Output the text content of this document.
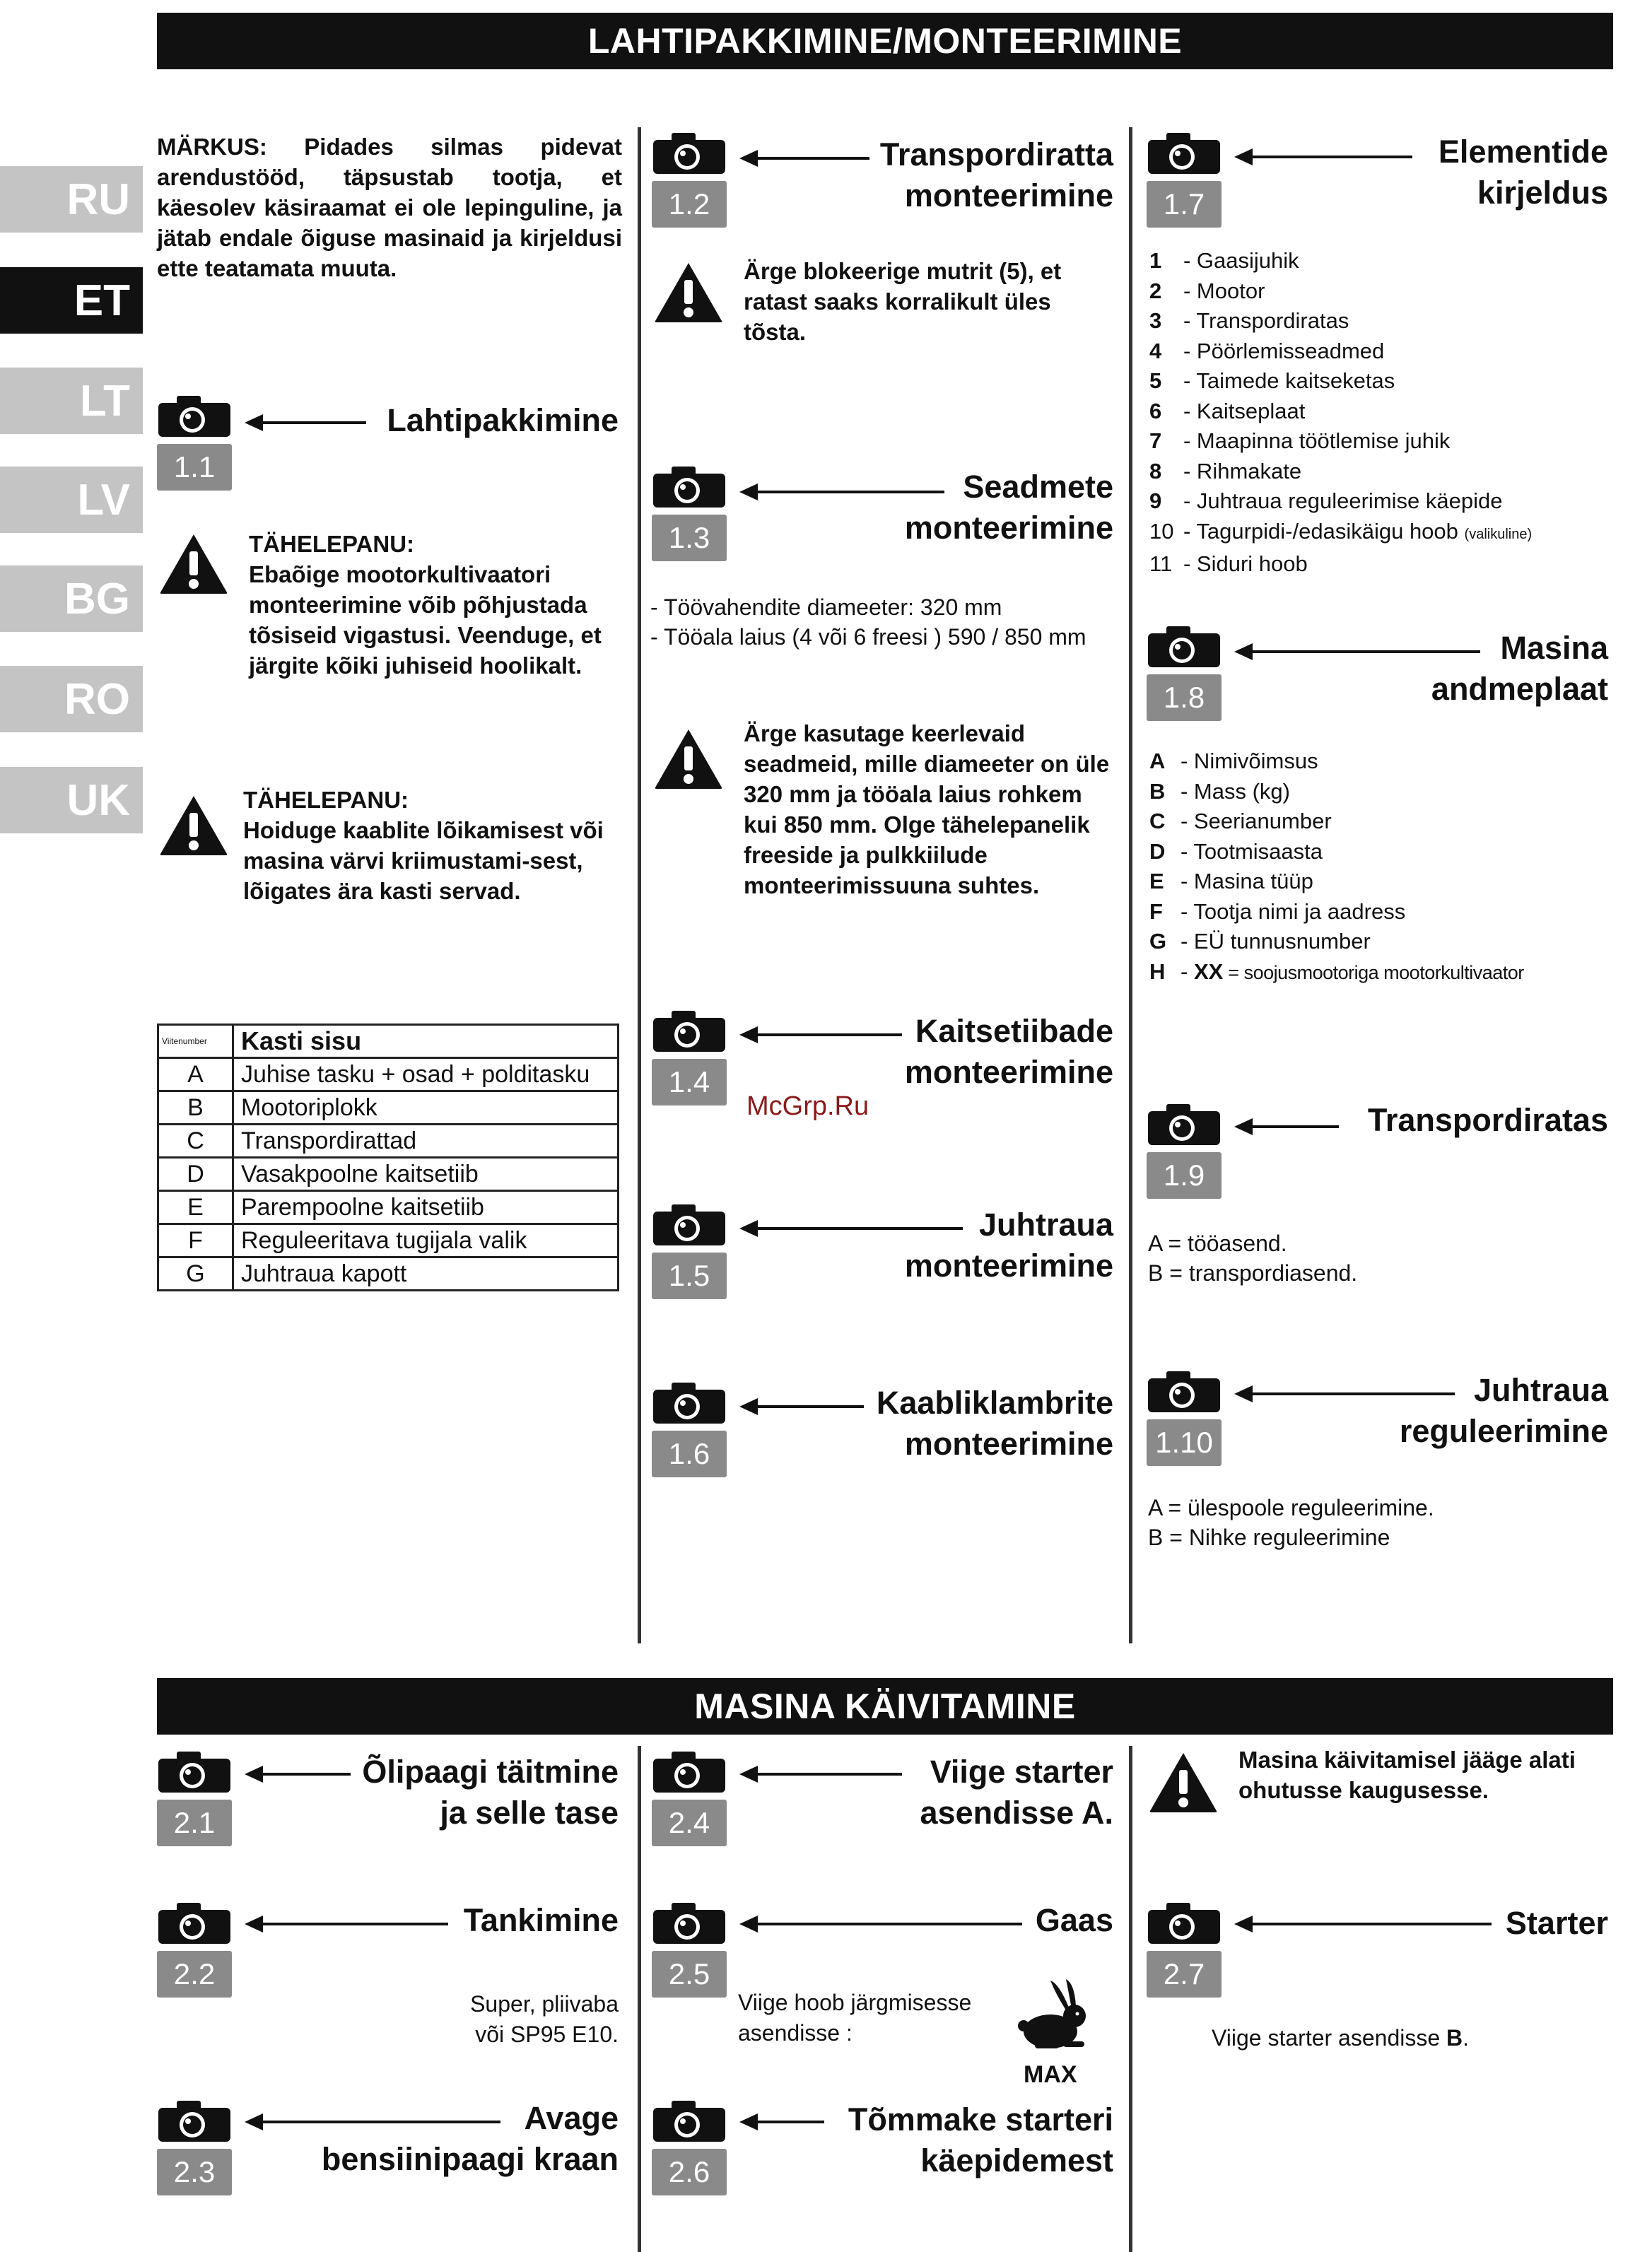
LAHTIPAKKIMINE/MONTEERIMINE
RU
ET
LT
LV
BG
RO
UK
MÄRKUS: Pidades silmas pidevat arendustööd, täpsustab tootja, et käesolev käsiraamat ei ole lepinguline, ja jätab endale õiguse masinaid ja kirjeldusi ette teatamata muuta.
1.1
Lahtipakkimine
TÄHELEPANU:
Ebaõige mootorkultivaatori monteerimine võib põhjustada tõsiseid vigastusi. Veenduge, et järgite kõiki juhiseid hoolikalt.
TÄHELEPANU:
Hoiduge kaablite lõikamisest või masina värvi kriimustami-sest, lõigates ära kasti servad.
Viitenumber	Kasti sisu
A	Juhise tasku + osad + polditasku
B	Mootoriplokk
C	Transpordirattad
D	Vasakpoolne kaitsetiib
E	Parempoolne kaitsetiib
F	Reguleeritava tugijala valik
G	Juhtraua kapott
1.2
Transpordiratta
monteerimine
Ärge blokeerige mutrit (5), et ratast saaks korralikult üles tõsta.
1.3
Seadmete
monteerimine
- Töövahendite diameeter: 320 mm
- Tööala laius (4 või 6 freesi ) 590 / 850 mm
Ärge kasutage keerlevaid seadmeid, mille diameeter on üle 320 mm ja tööala laius rohkem kui 850 mm. Olge tähelepanelik freeside ja pulkkiilude monteerimissuuna suhtes.
1.4
Kaitsetiibade
monteerimine
McGrp.Ru
1.5
Juhtraua
monteerimine
1.6
Kaabliklambrite
monteerimine
1.7
Elementide
kirjeldus
1 - Gaasijuhik
2 - Mootor
3 - Transpordiratas
4 - Pöörlemisseadmed
5 - Taimede kaitseketas
6 - Kaitseplaat
7 - Maapinna töötlemise juhik
8 - Rihmakate
9 - Juhtraua reguleerimise käepide
10 - Tagurpidi-/edasikäigu hoob (valikuline)
11 - Siduri hoob
1.8
Masina
andmeplaat
A - Nimivõimsus
B - Mass (kg)
C - Seerianumber
D - Tootmisaasta
E - Masina tüüp
F - Tootja nimi ja aadress
G - EÜ tunnusnumber
H - XX = soojusmootoriga mootorkultivaator
1.9
Transpordiratas
A = tööasend.
B = transpordiasend.
1.10
Juhtraua
reguleerimine
A = ülespoole reguleerimine.
B = Nihke reguleerimine
MASINA KÄIVITAMINE
2.1
Õlipaagi täitmine
ja selle tase
2.2
Tankimine
Super, pliivaba
või SP95 E10.
2.3
Avage
bensiinipaagi kraan
2.4
Viige starter
asendisse A.
2.5
Gaas
Viige hoob järgmisesse
asendisse :
MAX
2.6
Tõmmake starteri
käepidemest
Masina käivitamisel jääge alati ohutusse kaugusesse.
2.7
Starter
Viige starter asendisse B.
